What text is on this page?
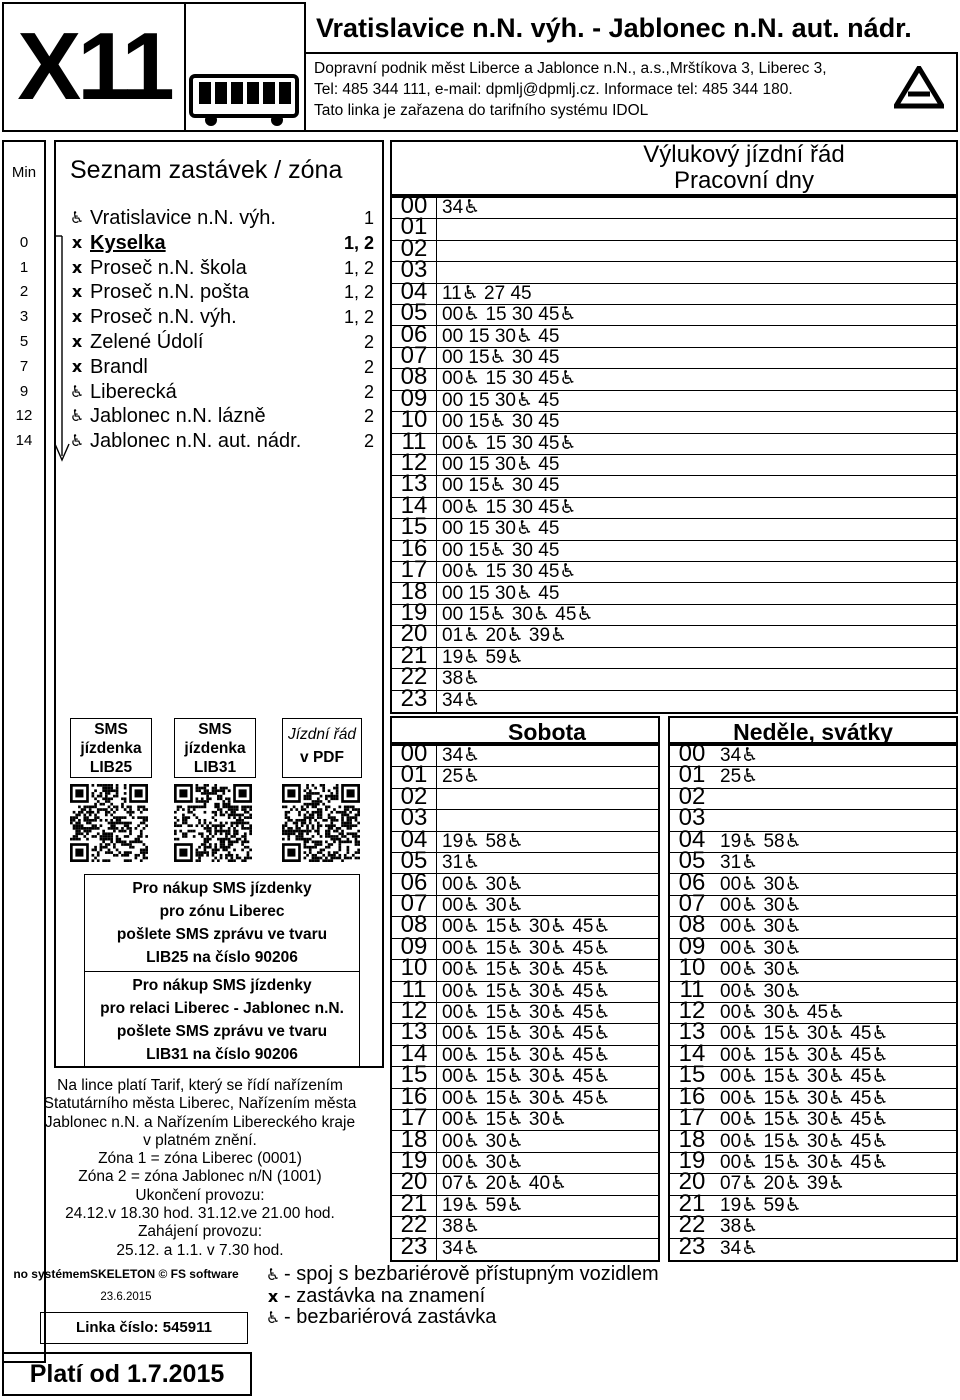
X11	Vratislavice n.N. výh. - Jablonec n.N. aut. nádr.
Dopravní podnik měst Liberce a Jablonce n.N., a.s.,Mrštíkova 3, Liberec 3,
Tel: 485 344 111, e-mail: dpmlj@dpmlj.cz. Informace tel: 485 344 180.
Tato linka je zařazena do tarifního systému IDOL
Min	Seznam zastávek / zóna
♿ Vratislavice n.N. výh.	1
0	x Kyselka	1, 2
1	x Proseč n.N. škola	1, 2
2	x Proseč n.N. pošta	1, 2
3	x Proseč n.N. výh.	1, 2
5	x Zelené Údolí	2
7	x Brandl	2
9	♿ Liberecká	2
12	♿ Jablonec n.N. lázně	2
14	♿ Jablonec n.N. aut. nádr.	2
SMS
jízdenka
LIB25
SMS
jízdenka
LIB31
Jízdní řád
v PDF
Pro nákup SMS jízdenky
pro zónu Liberec
pošlete SMS zprávu ve tvaru
LIB25 na číslo 90206
Pro nákup SMS jízdenky
pro relaci Liberec - Jablonec n.N.
pošlete SMS zprávu ve tvaru
LIB31 na číslo 90206
Na lince platí Tarif, který se řídí nařízením
Statutárního města Liberec, Nařízením města
Jablonec n.N. a Nařízením Libereckého kraje
v platném znění.
Zóna 1 = zóna Liberec (0001)
Zóna 2 = zóna Jablonec n/N (1001)
Ukončení provozu:
24.12.v 18.30 hod. 31.12.ve 21.00 hod.
Zahájení provozu:
25.12. a 1.1. v 7.30 hod.
no systémemSKELETON © FS software
23.6.2015
Linka číslo: 545911
Platí od 1.7.2015
Výlukový jízdní řád
Pracovní dny
00 34♿
01
02
03
04 11♿ 27 45
05 00♿ 15 30 45♿
06 00 15 30♿ 45
07 00 15♿ 30 45
08 00♿ 15 30 45♿
09 00 15 30♿ 45
10 00 15♿ 30 45
11 00♿ 15 30 45♿
12 00 15 30♿ 45
13 00 15♿ 30 45
14 00♿ 15 30 45♿
15 00 15 30♿ 45
16 00 15♿ 30 45
17 00♿ 15 30 45♿
18 00 15 30♿ 45
19 00 15♿ 30♿ 45♿
20 01♿ 20♿ 39♿
21 19♿ 59♿
22 38♿
23 34♿
Sobota	Neděle, svátky
00 34♿
01 25♿
02
03
04 19♿ 58♿
05 31♿
06 00♿ 30♿
07 00♿ 30♿
08 00♿ 15♿ 30♿ 45♿
09 00♿ 15♿ 30♿ 45♿
10 00♿ 15♿ 30♿ 45♿
11 00♿ 15♿ 30♿ 45♿
12 00♿ 15♿ 30♿ 45♿
13 00♿ 15♿ 30♿ 45♿
14 00♿ 15♿ 30♿ 45♿
15 00♿ 15♿ 30♿ 45♿
16 00♿ 15♿ 30♿ 45♿
17 00♿ 15♿ 30♿
18 00♿ 30♿
19 00♿ 30♿
20 07♿ 20♿ 40♿
21 19♿ 59♿
22 38♿
23 34♿
00 34♿
01 25♿
02
03
04 19♿ 58♿
05 31♿
06 00♿ 30♿
07 00♿ 30♿
08 00♿ 30♿
09 00♿ 30♿
10 00♿ 30♿
11 00♿ 30♿
12 00♿ 30♿ 45♿
13 00♿ 15♿ 30♿ 45♿
14 00♿ 15♿ 30♿ 45♿
15 00♿ 15♿ 30♿ 45♿
16 00♿ 15♿ 30♿ 45♿
17 00♿ 15♿ 30♿ 45♿
18 00♿ 15♿ 30♿ 45♿
19 00♿ 15♿ 30♿ 45♿
20 07♿ 20♿ 39♿
21 19♿ 59♿
22 38♿
23 34♿
♿ - spoj s bezbariérově přístupným vozidlem
x - zastávka na znamení
♿ - bezbariérová zastávka
